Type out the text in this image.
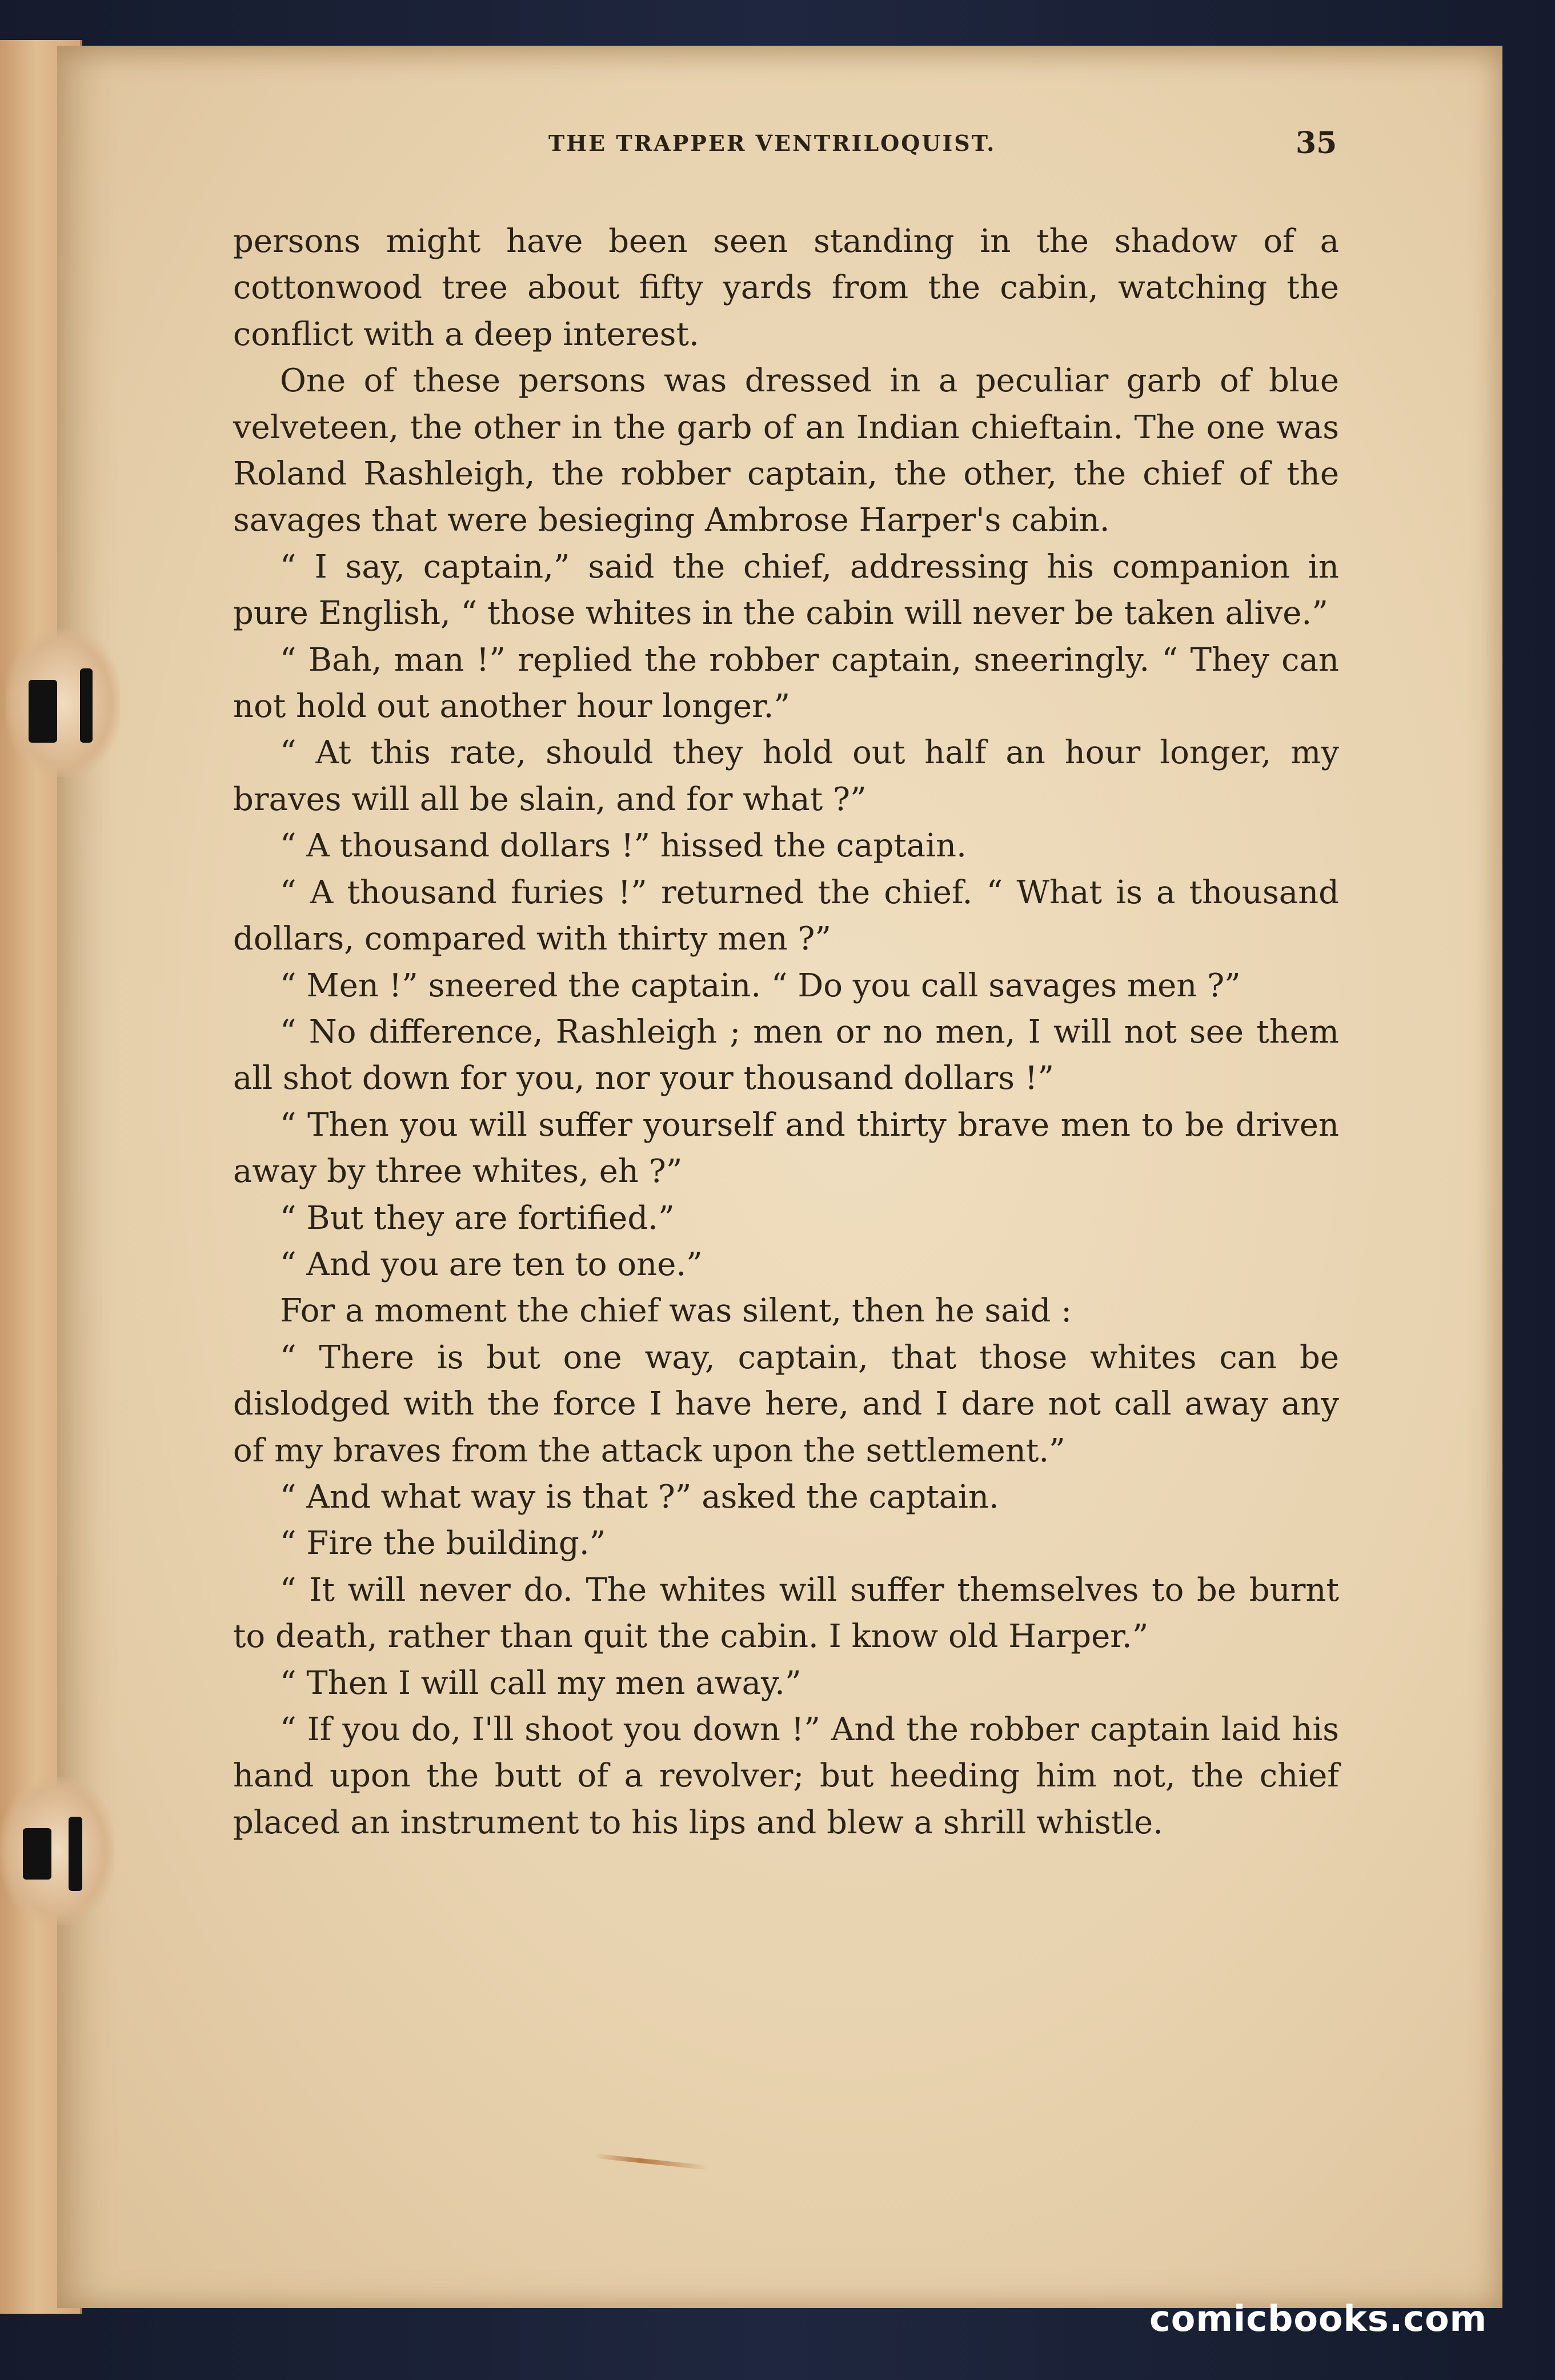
THE TRAPPER VENTRILOQUIST.	35

persons might have been seen standing in the shadow of a cottonwood tree about fifty yards from the cabin, watching the conflict with a deep interest.

One of these persons was dressed in a peculiar garb of blue velveteen, the other in the garb of an Indian chieftain. The one was Roland Rashleigh, the robber captain, the other, the chief of the savages that were besieging Ambrose Harper's cabin.

“ I say, captain,” said the chief, addressing his companion in pure English, “ those whites in the cabin will never be taken alive.”

“ Bah, man !” replied the robber captain, sneeringly. “ They can not hold out another hour longer.”

“ At this rate, should they hold out half an hour longer, my braves will all be slain, and for what ?”

“ A thousand dollars !” hissed the captain.

“ A thousand furies !” returned the chief. “ What is a thousand dollars, compared with thirty men ?”

“ Men !” sneered the captain. “ Do you call savages men ?”

“ No difference, Rashleigh ; men or no men, I will not see them all shot down for you, nor your thousand dollars !”

“ Then you will suffer yourself and thirty brave men to be driven away by three whites, eh ?”

“ But they are fortified.”

“ And you are ten to one.”

For a moment the chief was silent, then he said :

“ There is but one way, captain, that those whites can be dislodged with the force I have here, and I dare not call away any of my braves from the attack upon the settlement.”

“ And what way is that ?” asked the captain.

“ Fire the building.”

“ It will never do. The whites will suffer themselves to be burnt to death, rather than quit the cabin. I know old Harper.”

“ Then I will call my men away.”

“ If you do, I'll shoot you down !” And the robber captain laid his hand upon the butt of a revolver; but heeding him not, the chief placed an instrument to his lips and blew a shrill whistle.

comicbooks.com
